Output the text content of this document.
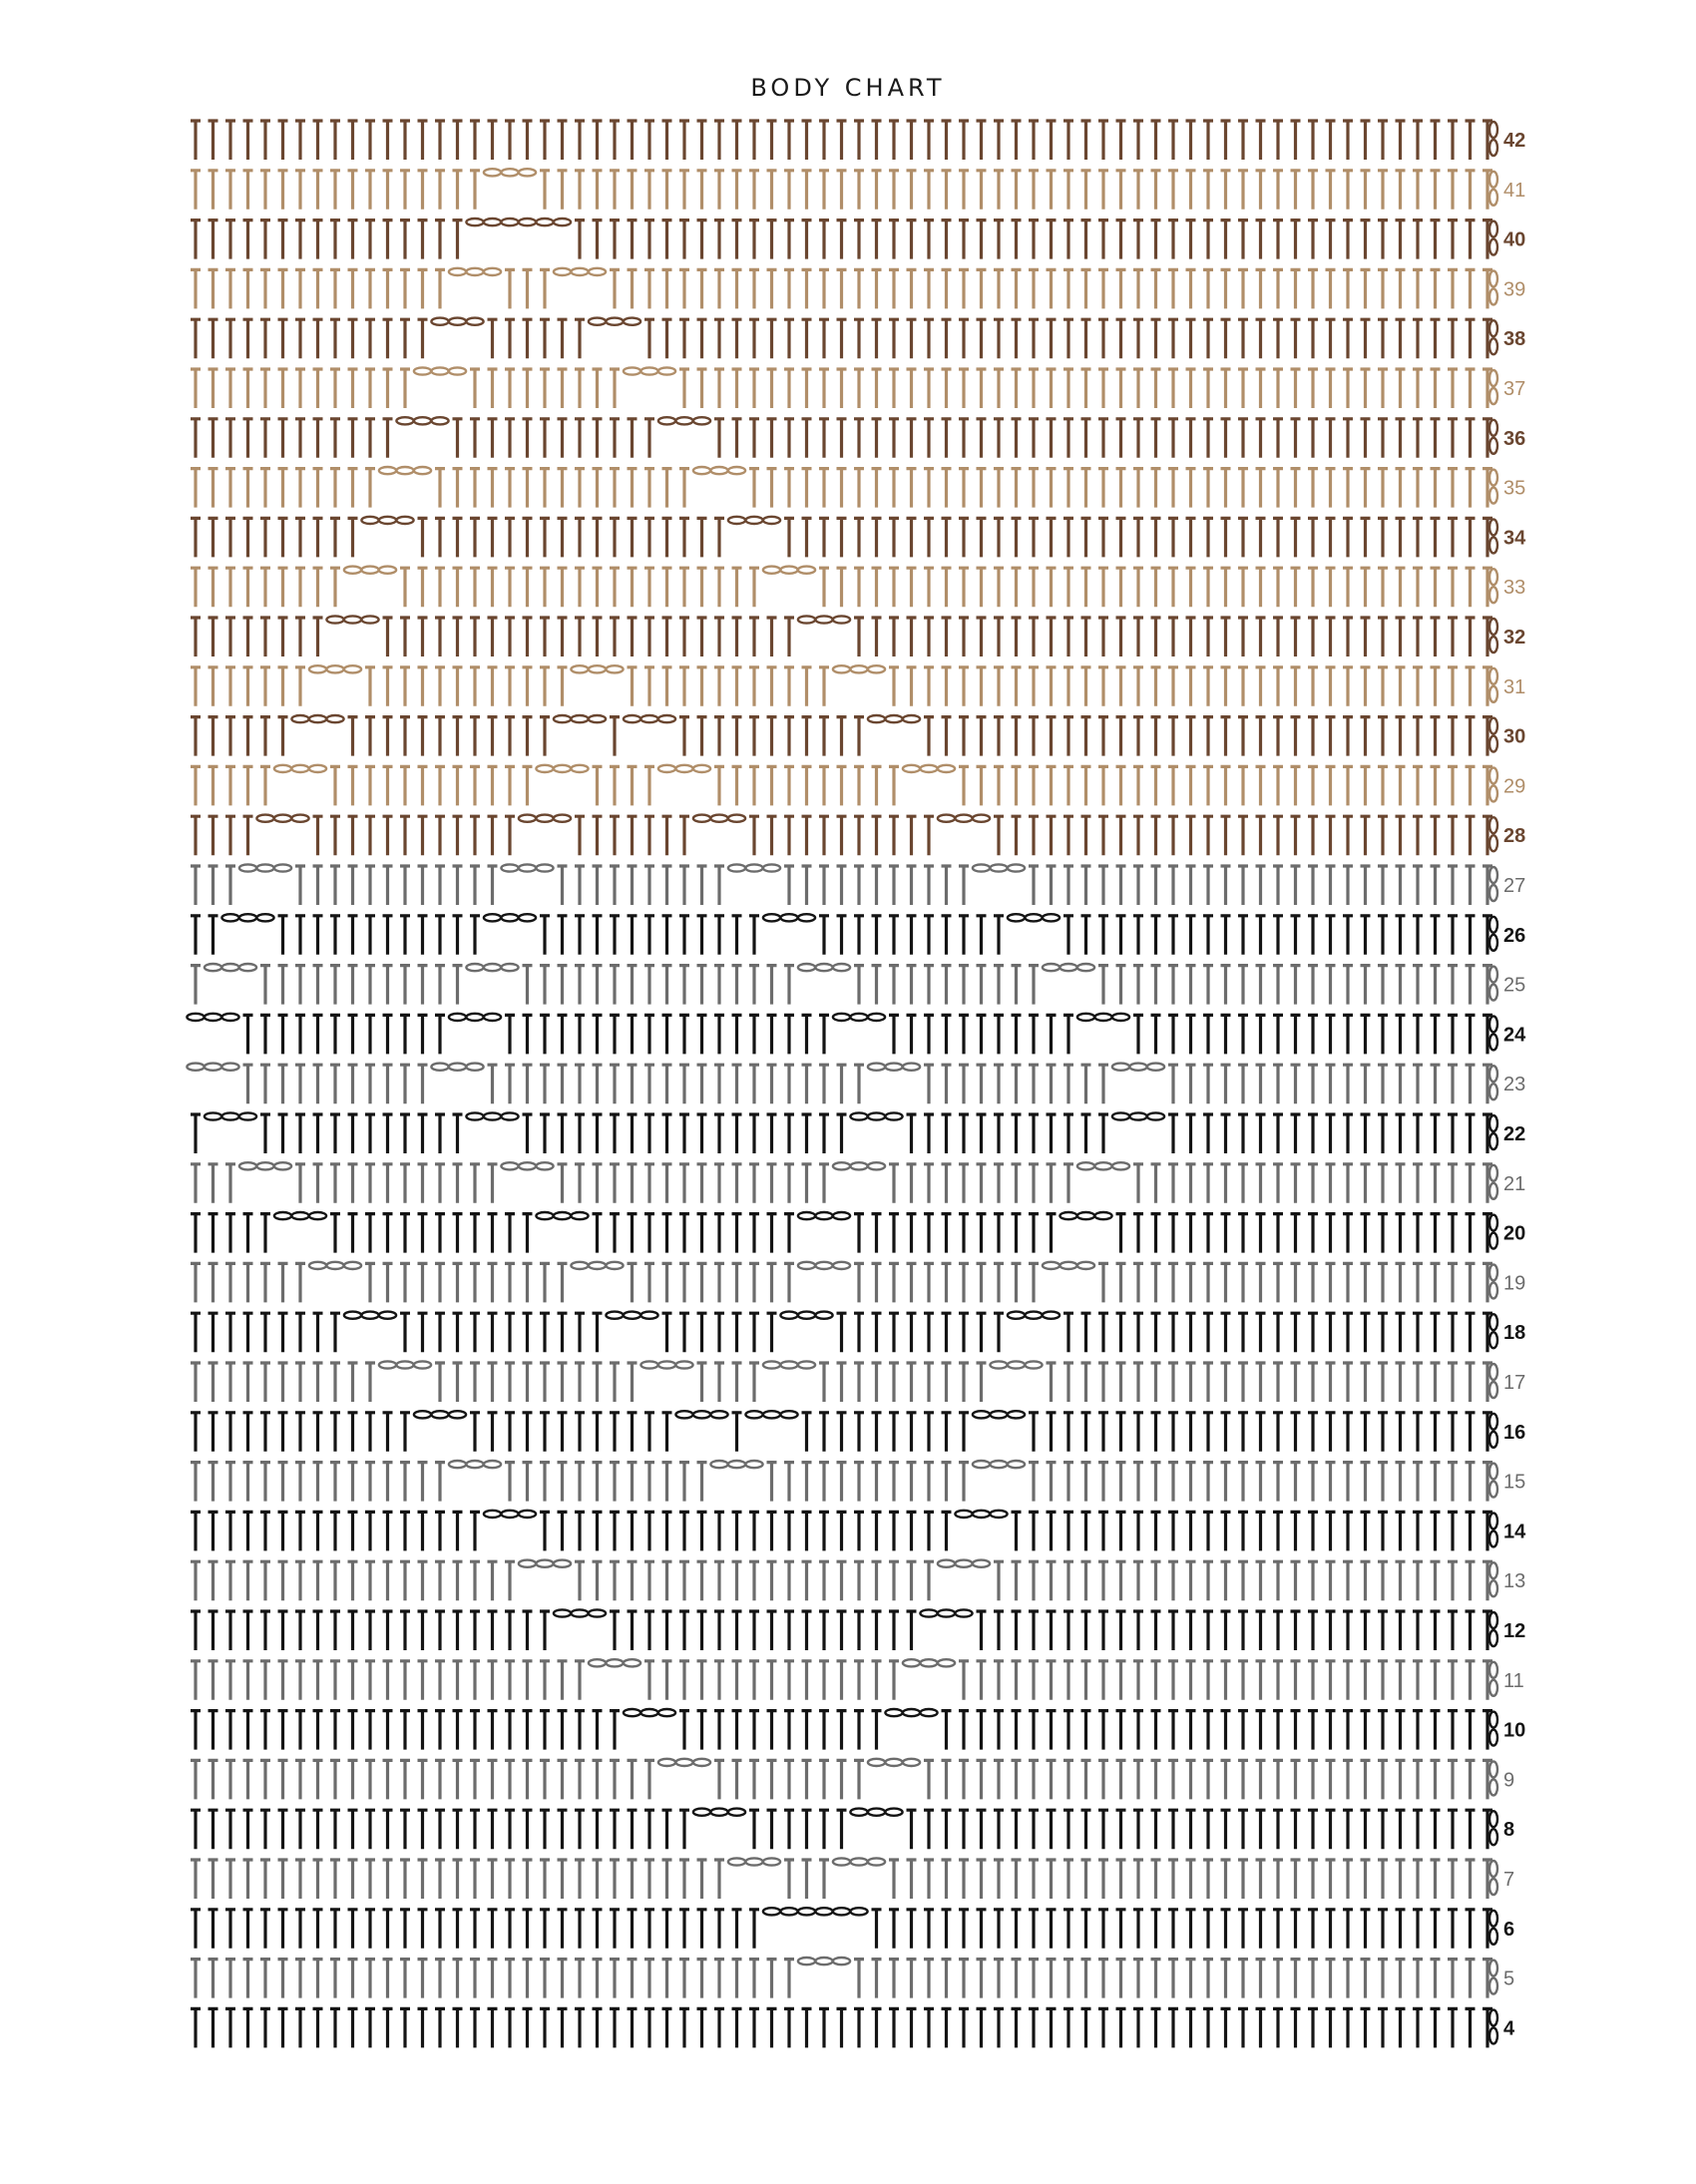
BODY CHART
42
41
40
39
38
37
36
35
34
33
32
31
30
29
28
27
26
25
24
23
22
21
20
19
18
17
16
15
14
13
12
11
10
9
8
7
6
5
4
